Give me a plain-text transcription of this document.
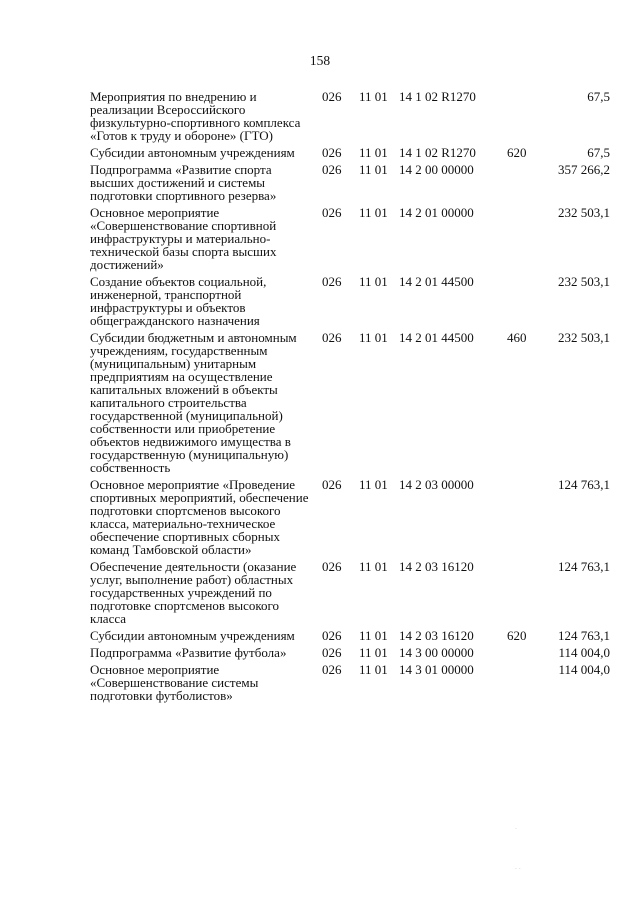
158
Мероприятия по внедрению и реализации Всероссийского физкультурно-спортивного комплекса «Готов к труду и обороне» (ГТО)	026	11 01	14 1 02 R1270		67,5
Субсидии автономным учреждениям	026	11 01	14 1 02 R1270	620	67,5
Подпрограмма «Развитие спорта высших достижений и системы подготовки спортивного резерва»	026	11 01	14 2 00 00000		357 266,2
Основное мероприятие «Совершенствование спортивной инфраструктуры и материально-технической базы спорта высших достижений»	026	11 01	14 2 01 00000		232 503,1
Создание объектов социальной, инженерной, транспортной инфраструктуры и объектов общегражданского назначения	026	11 01	14 2 01 44500		232 503,1
Субсидии бюджетным и автономным учреждениям, государственным (муниципальным) унитарным предприятиям на осуществление капитальных вложений в объекты капитального строительства государственной (муниципальной) собственности или приобретение объектов недвижимого имущества в государственную (муниципальную) собственность	026	11 01	14 2 01 44500	460	232 503,1
Основное мероприятие «Проведение спортивных мероприятий, обеспечение подготовки спортсменов высокого класса, материально-техническое обеспечение спортивных сборных команд Тамбовской области»	026	11 01	14 2 03 00000		124 763,1
Обеспечение деятельности (оказание услуг, выполнение работ) областных государственных учреждений по подготовке спортсменов высокого класса	026	11 01	14 2 03 16120		124 763,1
Субсидии автономным учреждениям	026	11 01	14 2 03 16120	620	124 763,1
Подпрограмма «Развитие футбола»	026	11 01	14 3 00 00000		114 004,0
Основное мероприятие «Совершенствование системы подготовки футболистов»	026	11 01	14 3 01 00000		114 004,0
·
· ·
